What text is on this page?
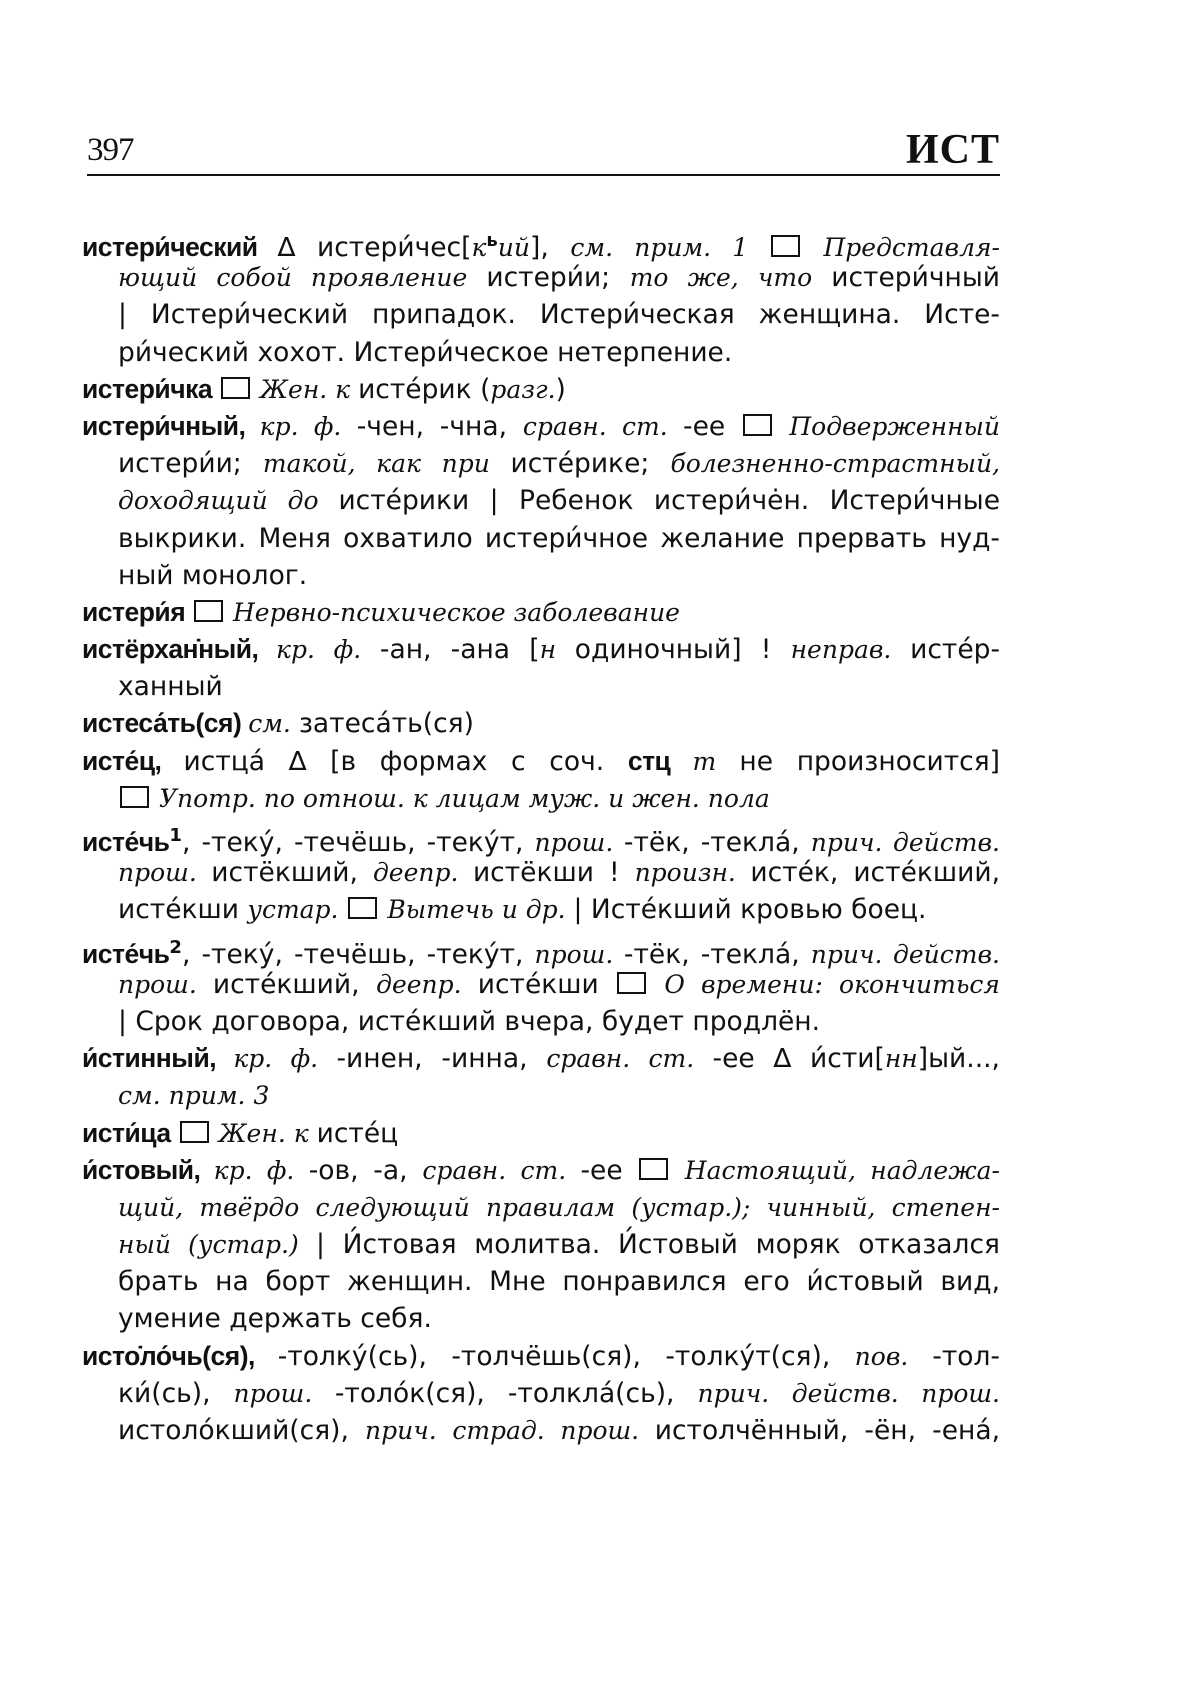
397	ИСТ
истери́ческий ∆ $истери́чес[к^ьий]$, см. прим. 1  Представля-
ющий собой проявление истери́и; то же, что истери́чный
| Истери́ческий припадок. Истери́ческая женщина. Исте-
ри́ческий хохот. Истери́ческое нетерпение.
истери́чка  Жен. к исте́рик (разг.)
истери́чный, кр. ф. -чен, -чна, сравн. ст. -ее  Подверженный
истери́и; такой, как при исте́рике; болезненно-страстный,
доходящий до исте́рики | Ребенок истери́че̇н. Истери́чные
выкрики. Меня охватило истери́чное желание прервать нуд-
ный монолог.
истери́я  Нервно-психическое заболевание
истёрхан̇ный, кр. ф. -ан, -ана [н одиночный] ! неправ. исте́р-
ханный
истеса́ть(ся) см. затеса́ть(ся)
исте́ц, истца́ ∆ [в формах с соч. стц т не произносится]
Употр. по отнош. к лицам муж. и жен. пола
$исте́чь^1$, -теку́, -течёшь, -теку́т, прош. -тёк, -текла́, прич. действ.
прош. истёкший, деепр. истёкши ! произн. исте́к, исте́кший,
исте́кши устар.  Вытечь и др. | Исте́кший кровью боец.
$исте́чь^2$, -теку́, -течёшь, -теку́т, прош. -тёк, -текла́, прич. действ.
прош. исте́кший, деепр. исте́кши  О времени: окончиться
| Срок договора, исте́кший вчера, будет продлён.
и́стинный, кр. ф. -инен, -инна, сравн. ст. -ее ∆ и́сти[нн]ый...,
см. прим. 3
исти́ца  Жен. к исте́ц
и́стовый, кр. ф. -ов, -а, сравн. ст. -ее  Настоящий, надлежа-
щий, твёрдо следующий правилам (устар.); чинный, степен-
ный (устар.) | И́стовая молитва. И́стовый моряк отказался
брать на борт женщин. Мне понравился его и́стовый вид,
умение держать себя.
исто̇ло́чь(ся), -толку́(сь), -толчёшь(ся), -толку́т(ся), пов. -тол-
ки́(сь), прош. -толо́к(ся), -толкла́(сь), прич. действ. прош.
истоло́кший(ся), прич. страд. прош. истолчённый, -ён, -ена́,
